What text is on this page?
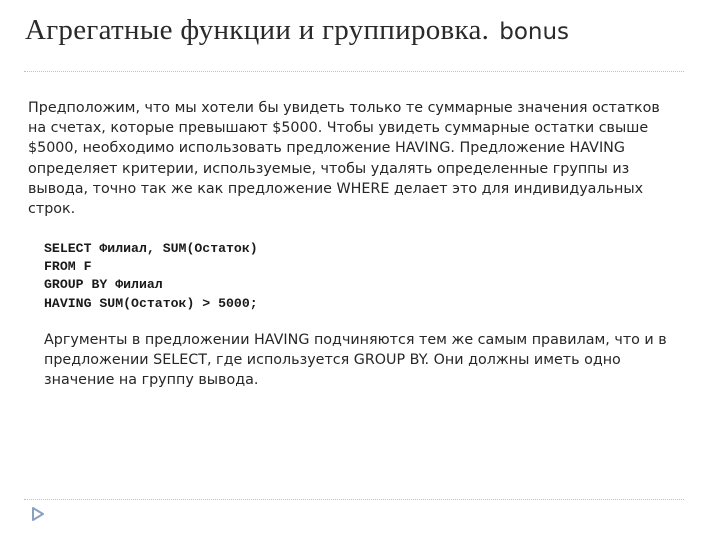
Агрегатные функции и группировка. bonus

Предположим, что мы хотели бы увидеть только те суммарные значения остатков на счетах, которые превышают $5000. Чтобы увидеть суммарные остатки свыше $5000, необходимо использовать предложение HAVING. Предложение HAVING определяет критерии, используемые, чтобы удалять определенные группы из вывода, точно так же как предложение WHERE делает это для индивидуальных строк.

SELECT Филиал, SUM(Остаток)
FROM F
GROUP BY Филиал
HAVING SUM(Остаток) > 5000;

Аргументы в предложении HAVING подчиняются тем же самым правилам, что и в предложении SELECT, где используется GROUP BY. Они должны иметь одно значение на группу вывода.
